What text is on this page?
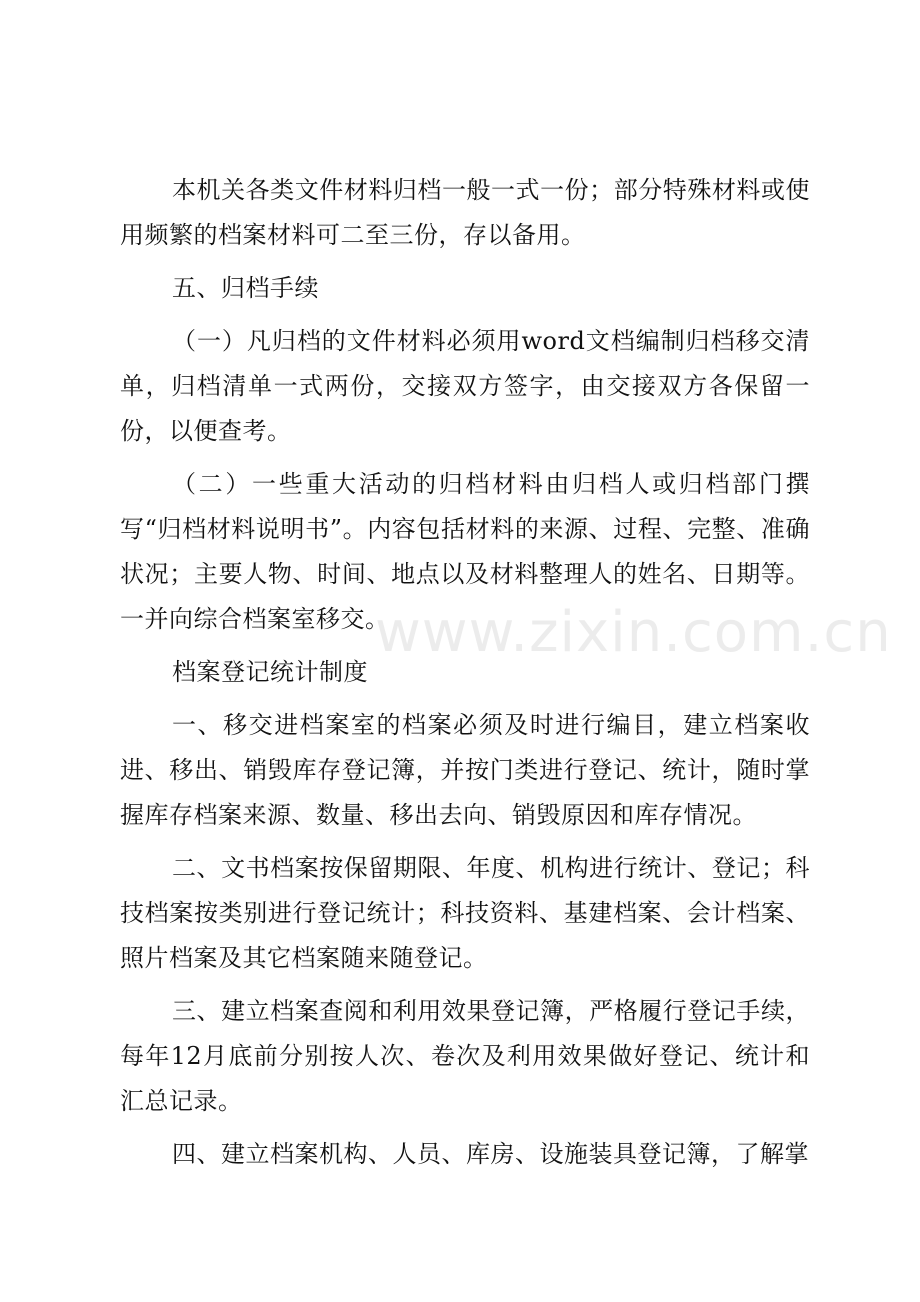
本机关各类文件材料归档一般一式一份；部分特殊材料或使用频繁的档案材料可二至三份，存以备用。

五、归档手续

（一）凡归档的文件材料必须用word文档编制归档移交清单，归档清单一式两份，交接双方签字，由交接双方各保留一份，以便查考。

（二）一些重大活动的归档材料由归档人或归档部门撰写“归档材料说明书”。内容包括材料的来源、过程、完整、准确状况；主要人物、时间、地点以及材料整理人的姓名、日期等。一并向综合档案室移交。

档案登记统计制度

一、移交进档案室的档案必须及时进行编目，建立档案收进、移出、销毁库存登记簿，并按门类进行登记、统计，随时掌握库存档案来源、数量、移出去向、销毁原因和库存情况。

二、文书档案按保留期限、年度、机构进行统计、登记；科技档案按类别进行登记统计；科技资料、基建档案、会计档案、照片档案及其它档案随来随登记。

三、建立档案查阅和利用效果登记簿，严格履行登记手续，每年12月底前分别按人次、卷次及利用效果做好登记、统计和汇总记录。

四、建立档案机构、人员、库房、设施装具登记簿，了解掌

www.zixin.com.cn
